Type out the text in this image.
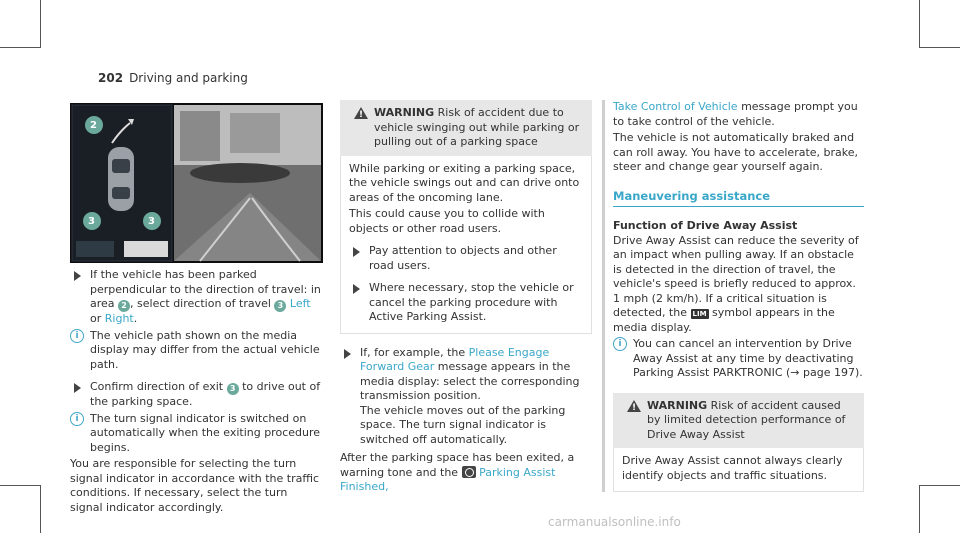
202 Driving and parking
2
3	3

If the vehicle has been parked perpendicular to the direction of travel: in area 2 , select direction of travel 3 Left or Right.

i	The vehicle path shown on the media display may differ from the actual vehicle path.

Confirm direction of exit 3 to drive out of the parking space.

i	The turn signal indicator is switched on automatically when the exiting procedure begins.

You are responsible for selecting the turn signal indicator in accordance with the traffic conditions. If necessary, select the turn signal indicator accordingly.

!

WARNING Risk of accident due to vehicle swinging out while parking or pulling out of a parking space

While parking or exiting a parking space, the vehicle swings out and can drive onto areas of the oncoming lane.

This could cause you to collide with objects or other road users.

Pay attention to objects and other road users.

Where necessary, stop the vehicle or cancel the parking procedure with Active Parking Assist.

If, for example, the Please Engage Forward Gear message appears in the media display: select the corresponding transmission position.

The vehicle moves out of the parking space. The turn signal indicator is switched off automatically.

After the parking space has been exited, a warning tone and the Parking Assist Finished,

Take Control of Vehicle message prompt you to take control of the vehicle.

The vehicle is not automatically braked and can roll away. You have to accelerate, brake, steer and change gear yourself again.

Maneuvering assistance

Function of Drive Away Assist

Drive Away Assist can reduce the severity of an impact when pulling away. If an obstacle is detected in the direction of travel, the vehicle's speed is briefly reduced to approx. 1 mph (2 km/h). If a critical situation is detected, the LIM symbol appears in the media display.

i	You can cancel an intervention by Drive Away Assist at any time by deactivating Parking Assist PARKTRONIC (→ page 197).

!

WARNING Risk of accident caused by limited detection performance of Drive Away Assist

Drive Away Assist cannot always clearly identify objects and traffic situations.

carmanualsonline.info
